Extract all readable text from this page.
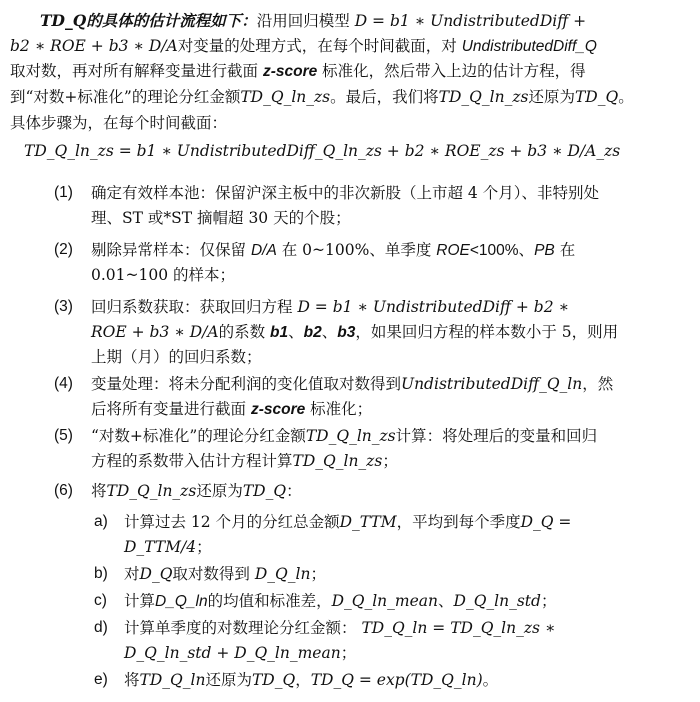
TD_Q的具体的估计流程如下：沿用回归模型 D = b1 ∗ UndistributedDiff +
b2 ∗ ROE + b3 ∗ D/A对变量的处理方式，在每个时间截面，对 UndistributedDiff_Q
取对数，再对所有解释变量进行截面 z-score 标准化，然后带入上边的估计方程，得
到“对数+标准化”的理论分红金额TD_Q_ln_zs。最后，我们将TD_Q_ln_zs还原为TD_Q。
具体步骤为，在每个时间截面：
TD_Q_ln_zs = b1 ∗ UndistributedDiff_Q_ln_zs + b2 ∗ ROE_zs + b3 ∗ D/A_zs
(1) 确定有效样本池：保留沪深主板中的非次新股（上市超 4 个月）、非特别处
理、ST 或*ST 摘帽超 30 天的个股；
(2) 剔除异常样本：仅保留 D/A 在 0~100%、单季度 ROE<100%、PB 在
0.01~100 的样本；
(3) 回归系数获取：获取回归方程 D = b1 ∗ UndistributedDiff + b2 ∗
ROE + b3 ∗ D/A的系数 b1、b2、b3，如果回归方程的样本数小于 5，则用
上期（月）的回归系数；
(4) 变量处理：将未分配利润的变化值取对数得到UndistributedDiff_Q_ln，然
后将所有变量进行截面 z-score 标准化；
(5) “对数+标准化”的理论分红金额TD_Q_ln_zs计算：将处理后的变量和回归
方程的系数带入估计方程计算TD_Q_ln_zs；
(6) 将TD_Q_ln_zs还原为TD_Q：
a) 计算过去 12 个月的分红总金额D_TTM，平均到每个季度D_Q =
D_TTM/4；
b) 对D_Q取对数得到 D_Q_ln；
c) 计算D_Q_ln的均值和标准差，D_Q_ln_mean、D_Q_ln_std；
d) 计算单季度的对数理论分红金额： TD_Q_ln = TD_Q_ln_zs ∗
D_Q_ln_std + D_Q_ln_mean；
e) 将TD_Q_ln还原为TD_Q，TD_Q = exp(TD_Q_ln)。
